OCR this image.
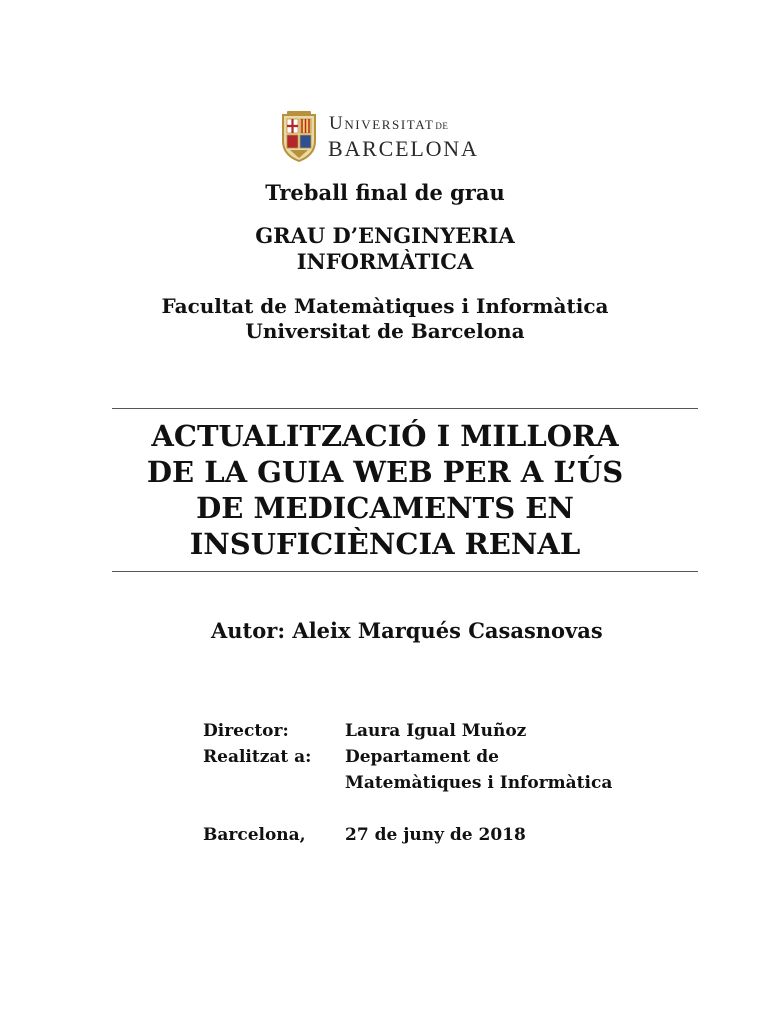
UniversitatDE
BARCELONA
Treball final de grau
GRAU D’ENGINYERIA
INFORMÀTICA
Facultat de Matemàtiques i Informàtica
Universitat de Barcelona
ACTUALITZACIÓ I MILLORA
DE LA GUIA WEB PER A L’ÚS
DE MEDICAMENTS EN
INSUFICIÈNCIA RENAL
Autor: Aleix Marqués Casasnovas
Director:	Laura Igual Muñoz
Realitzat a: Departament de
Matemàtiques i Informàtica
Barcelona, 27 de juny de 2018
